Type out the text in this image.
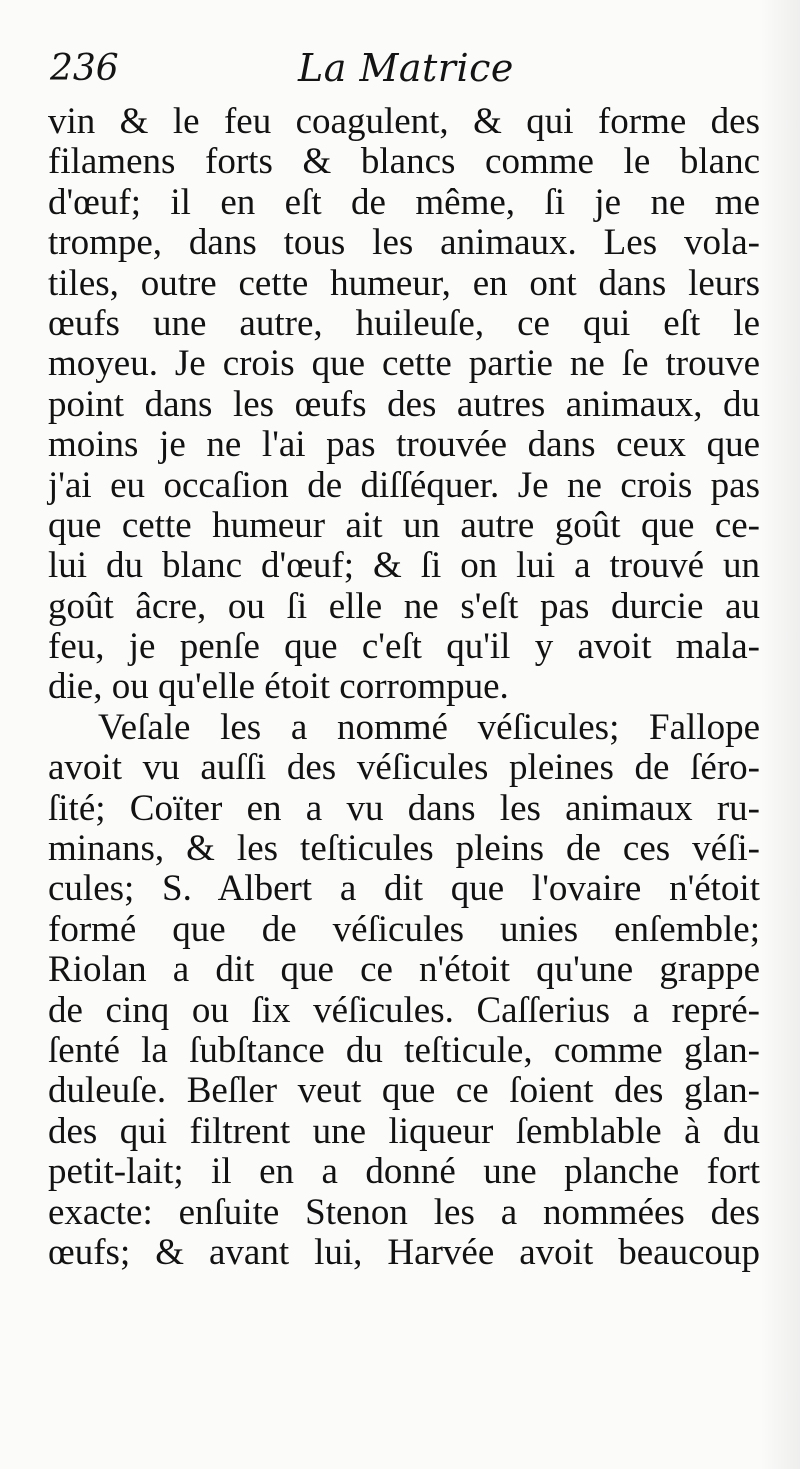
236	La Matrice
vin & le feu coagulent, & qui forme des
filamens forts & blancs comme le blanc
d'œuf; il en eſt de même, ſi je ne me
trompe, dans tous les animaux. Les vola-
tiles, outre cette humeur, en ont dans leurs
œufs une autre, huileuſe, ce qui eſt le
moyeu. Je crois que cette partie ne ſe trouve
point dans les œufs des autres animaux, du
moins je ne l'ai pas trouvée dans ceux que
j'ai eu occaſion de diſſéquer. Je ne crois pas
que cette humeur ait un autre goût que ce-
lui du blanc d'œuf; & ſi on lui a trouvé un
goût âcre, ou ſi elle ne s'eſt pas durcie au
feu, je penſe que c'eſt qu'il y avoit mala-
die, ou qu'elle étoit corrompue.
Veſale les a nommé véſicules; Fallope
avoit vu auſſi des véſicules pleines de ſéro-
ſité; Coïter en a vu dans les animaux ru-
minans, & les teſticules pleins de ces véſi-
cules; S. Albert a dit que l'ovaire n'étoit
formé que de véſicules unies enſemble;
Riolan a dit que ce n'étoit qu'une grappe
de cinq ou ſix véſicules. Caſſerius a repré-
ſenté la ſubſtance du teſticule, comme glan-
duleuſe. Beſler veut que ce ſoient des glan-
des qui filtrent une liqueur ſemblable à du
petit-lait; il en a donné une planche fort
exacte: enſuite Stenon les a nommées des
œufs; & avant lui, Harvée avoit beaucoup
